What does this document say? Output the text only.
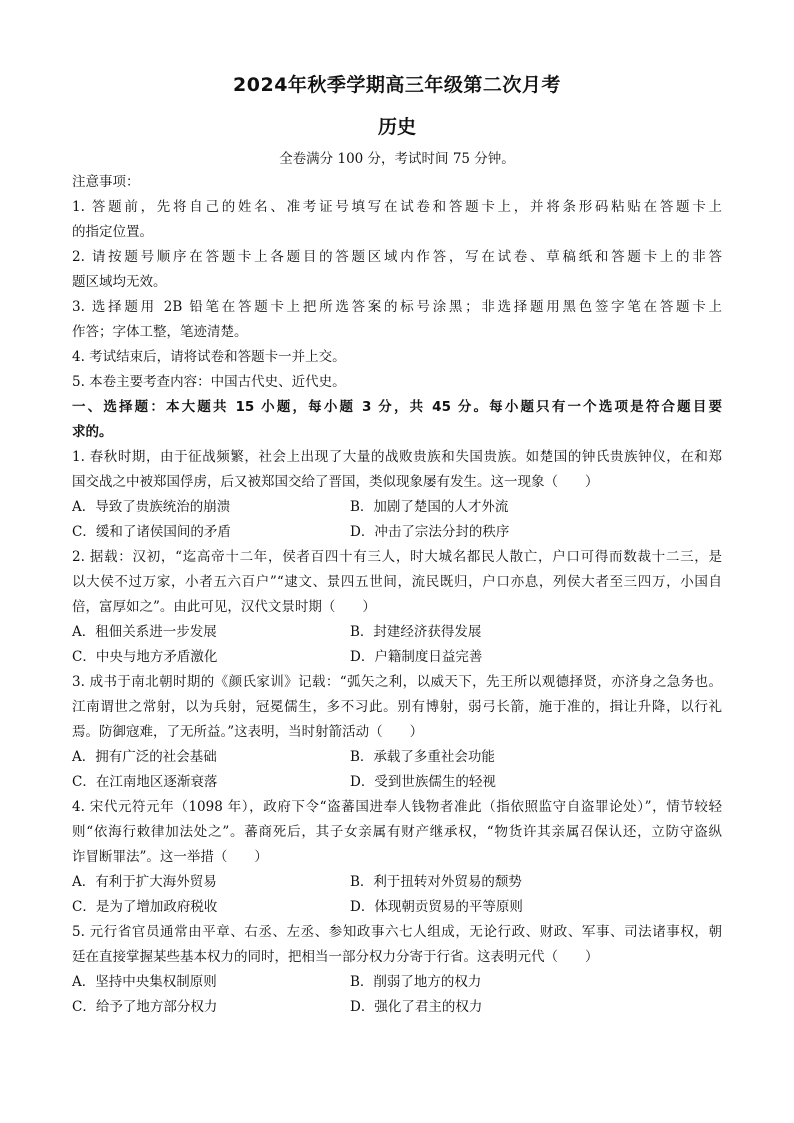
2024年秋季学期高三年级第二次月考
历史
全卷满分 100 分，考试时间 75 分钟。
注意事项：
1. 答题前，先将自己的姓名、准考证号填写在试卷和答题卡上，并将条形码粘贴在答题卡上
的指定位置。
2. 请按题号顺序在答题卡上各题目的答题区域内作答，写在试卷、草稿纸和答题卡上的非答
题区域均无效。
3. 选择题用 2B 铅笔在答题卡上把所选答案的标号涂黑；非选择题用黑色签字笔在答题卡上
作答；字体工整，笔迹清楚。
4. 考试结束后，请将试卷和答题卡一并上交。
5. 本卷主要考查内容：中国古代史、近代史。
一、选择题：本大题共 15 小题，每小题 3 分，共 45 分。每小题只有一个选项是符合题目要
求的。
1. 春秋时期，由于征战频繁，社会上出现了大量的战败贵族和失国贵族。如楚国的钟氏贵族钟仪，在和郑
国交战之中被郑国俘虏，后又被郑国交给了晋国，类似现象屡有发生。这一现象（　　）
A．导致了贵族统治的崩溃	B．加剧了楚国的人才外流
C．缓和了诸侯国间的矛盾	D．冲击了宗法分封的秩序
2. 据载：汉初，“迄高帝十二年，侯者百四十有三人，时大城名都民人散亡，户口可得而数裁十二三，是
以大侯不过万家，小者五六百户”“逮文、景四五世间，流民既归，户口亦息，列侯大者至三四万，小国自
倍，富厚如之”。由此可见，汉代文景时期（　　）
A．租佃关系进一步发展	B．封建经济获得发展
C．中央与地方矛盾激化	D．户籍制度日益完善
3. 成书于南北朝时期的《颜氏家训》记载：“弧矢之利，以威天下，先王所以观德择贤，亦济身之急务也。
江南谓世之常射，以为兵射，冠冕儒生，多不习此。别有博射，弱弓长箭，施于准的，揖让升降，以行礼
焉。防御寇难，了无所益。”这表明，当时射箭活动（　　）
A．拥有广泛的社会基础	B．承载了多重社会功能
C．在江南地区逐渐衰落	D．受到世族儒生的轻视
4. 宋代元符元年（1098 年），政府下令“盗蕃国进奉人钱物者准此（指依照监守自盗罪论处）”，情节较轻
则“依海行敕律加法处之”。蕃商死后，其子女亲属有财产继承权，“物货许其亲属召保认还，立防守盗纵
诈冒断罪法”。这一举措（　　）
A．有利于扩大海外贸易	B．利于扭转对外贸易的颓势
C．是为了增加政府税收	D．体现朝贡贸易的平等原则
5. 元行省官员通常由平章、右丞、左丞、参知政事六七人组成，无论行政、财政、军事、司法诸事权，朝
廷在直接掌握某些基本权力的同时，把相当一部分权力分寄于行省。这表明元代（　　）
A．坚持中央集权制原则	B．削弱了地方的权力
C．给予了地方部分权力	D．强化了君主的权力
